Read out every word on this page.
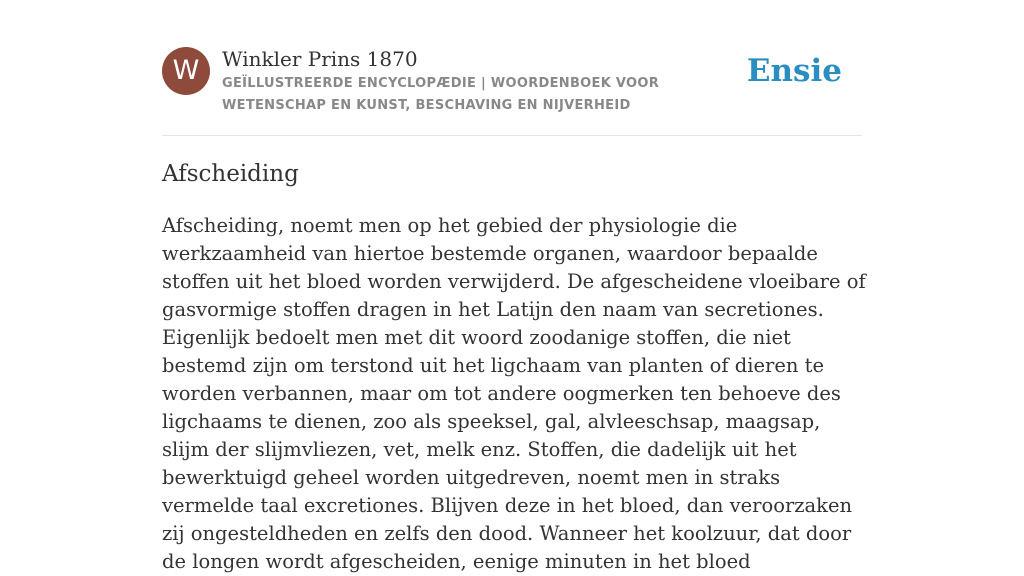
W	Winkler Prins 1870
GEÏLLUSTREERDE ENCYCLOPÆDIE | WOORDENBOEK VOOR WETENSCHAP EN KUNST, BESCHAVING EN NIJVERHEID
Ensie
Afscheiding

Afscheiding, noemt men op het gebied der physiologie die werkzaamheid van hiertoe bestemde organen, waardoor bepaalde stoffen uit het bloed worden verwijderd. De afgescheidene vloeibare of gasvormige stoffen dragen in het Latijn den naam van secretiones. Eigenlijk bedoelt men met dit woord zoodanige stoffen, die niet bestemd zijn om terstond uit het ligchaam van planten of dieren te worden verbannen, maar om tot andere oogmerken ten behoeve des ligchaams te dienen, zoo als speeksel, gal, alvleeschsap, maagsap, slijm der slijmvliezen, vet, melk enz. Stoffen, die dadelijk uit het bewerktuigd geheel worden uitgedreven, noemt men in straks vermelde taal excretiones. Blijven deze in het bloed, dan veroorzaken zij ongesteldheden en zelfs den dood. Wanneer het koolzuur, dat door de longen wordt afgescheiden, eenige minuten in het bloed
